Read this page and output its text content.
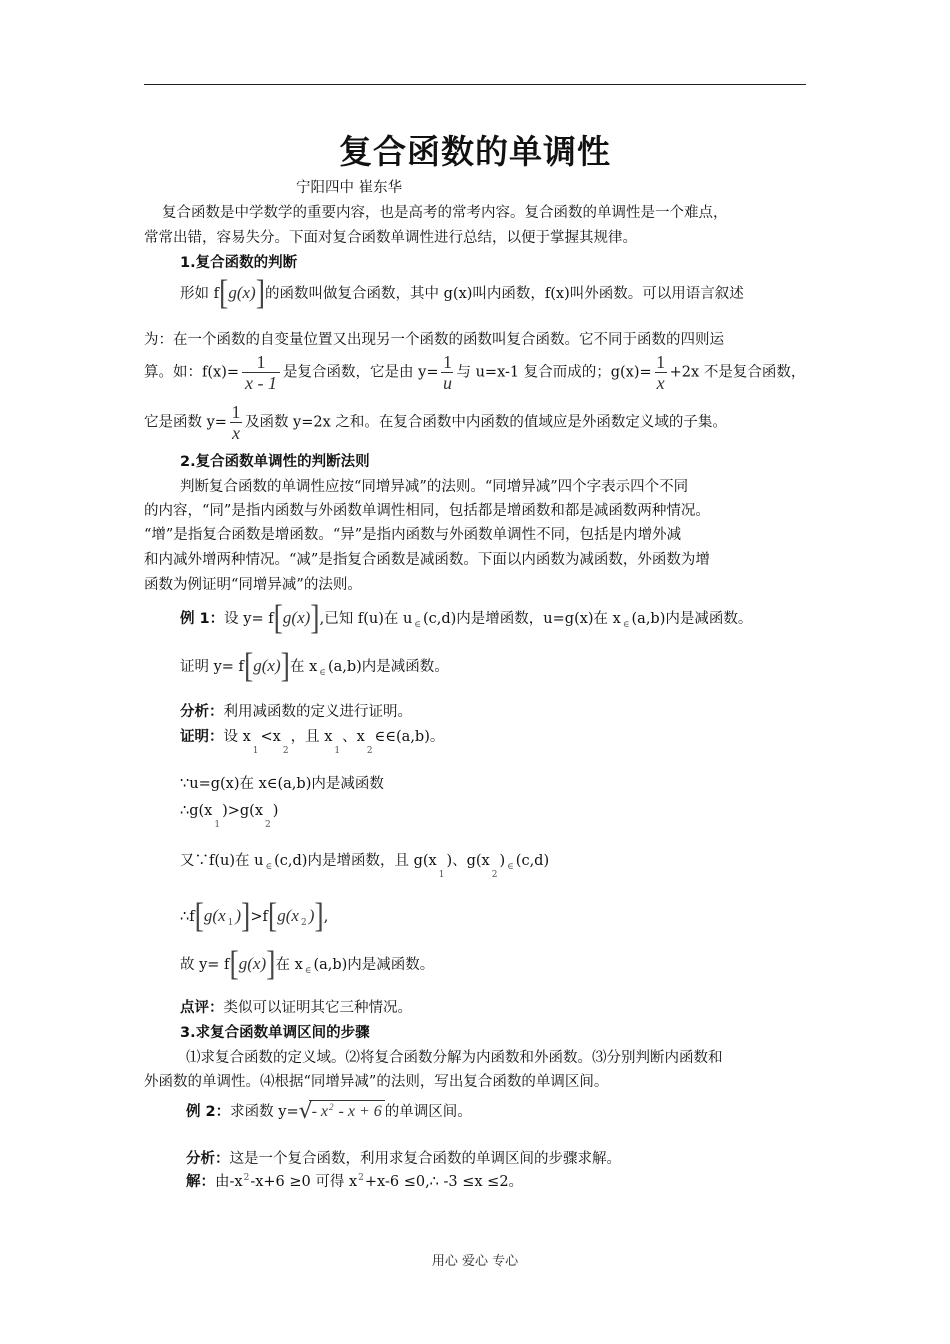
复合函数的单调性
宁阳四中 崔东华
复合函数是中学数学的重要内容，也是高考的常考内容。复合函数的单调性是一个难点，
常常出错，容易失分。下面对复合函数单调性进行总结，以便于掌握其规律。
1.复合函数的判断
形如 f[g(x)]的函数叫做复合函数，其中 g(x)叫内函数，f(x)叫外函数。可以用语言叙述
为：在一个函数的自变量位置又出现另一个函数的函数叫复合函数。它不同于函数的四则运
算。如：$f(x)= \frac{1}{x - 1}$ 是复合函数，它是由 $y= \frac{1}{u}$ 与 u=x-1 复合而成的；$g(x)= \frac{1}{x} +2x$ 不是复合函数，
它是函数 $y= \frac{1}{x}$ 及函数 y=2x 之和。在复合函数中内函数的值域应是外函数定义域的子集。
2.复合函数单调性的判断法则
判断复合函数的单调性应按“同增异减”的法则。“同增异减”四个字表示四个不同
的内容，“同”是指内函数与外函数单调性相同，包括都是增函数和都是减函数两种情况。
“增”是指复合函数是增函数。“异”是指内函数与外函数单调性不同，包括是内增外减
和内减外增两种情况。“减”是指复合函数是减函数。下面以内函数为减函数，外函数为增
函数为例证明“同增异减”的法则。
例 1：设 y= f[g(x)],已知 f(u)在 u $_\in$ (c,d)内是增函数，u=g(x)在 x $_\in$ (a,b)内是减函数。
证明 y= f[g(x)]在 x $_\in$ (a,b)内是减函数。
分析：利用减函数的定义进行证明。
证明：设 $x_1<x_2$，且 $x_1$、$x_2\in\in(a,b)$。
∵u=g(x)在 x∈(a,b)内是减函数
$\therefore g(x_1)>g(x_2)$
又∵f(u)在 u $_\in$ (c,d)内是增函数，且 $g(x_1)$、$g(x_2)$ $_\in$ (c,d)
∴f[g(x $_1$ )]>f[g(x $_2$ )],
故 y= f[g(x)]在 x $_\in$ (a,b)内是减函数。
点评：类似可以证明其它三种情况。
3.求复合函数单调区间的步骤
⑴求复合函数的定义域。⑵将复合函数分解为内函数和外函数。⑶分别判断内函数和
外函数的单调性。⑷根据“同增异减”的法则，写出复合函数的单调区间。
例 2：求函数 y= √
- $x^2 - x + 6$ 的单调区间。
分析：这是一个复合函数，利用求复合函数的单调区间的步骤求解。
解：由$-x^2-x+6 \ge 0$ 可得 $x^2+x-6$ ≤0,∴ -3 ≤x ≤2。
用心 爱心 专心
